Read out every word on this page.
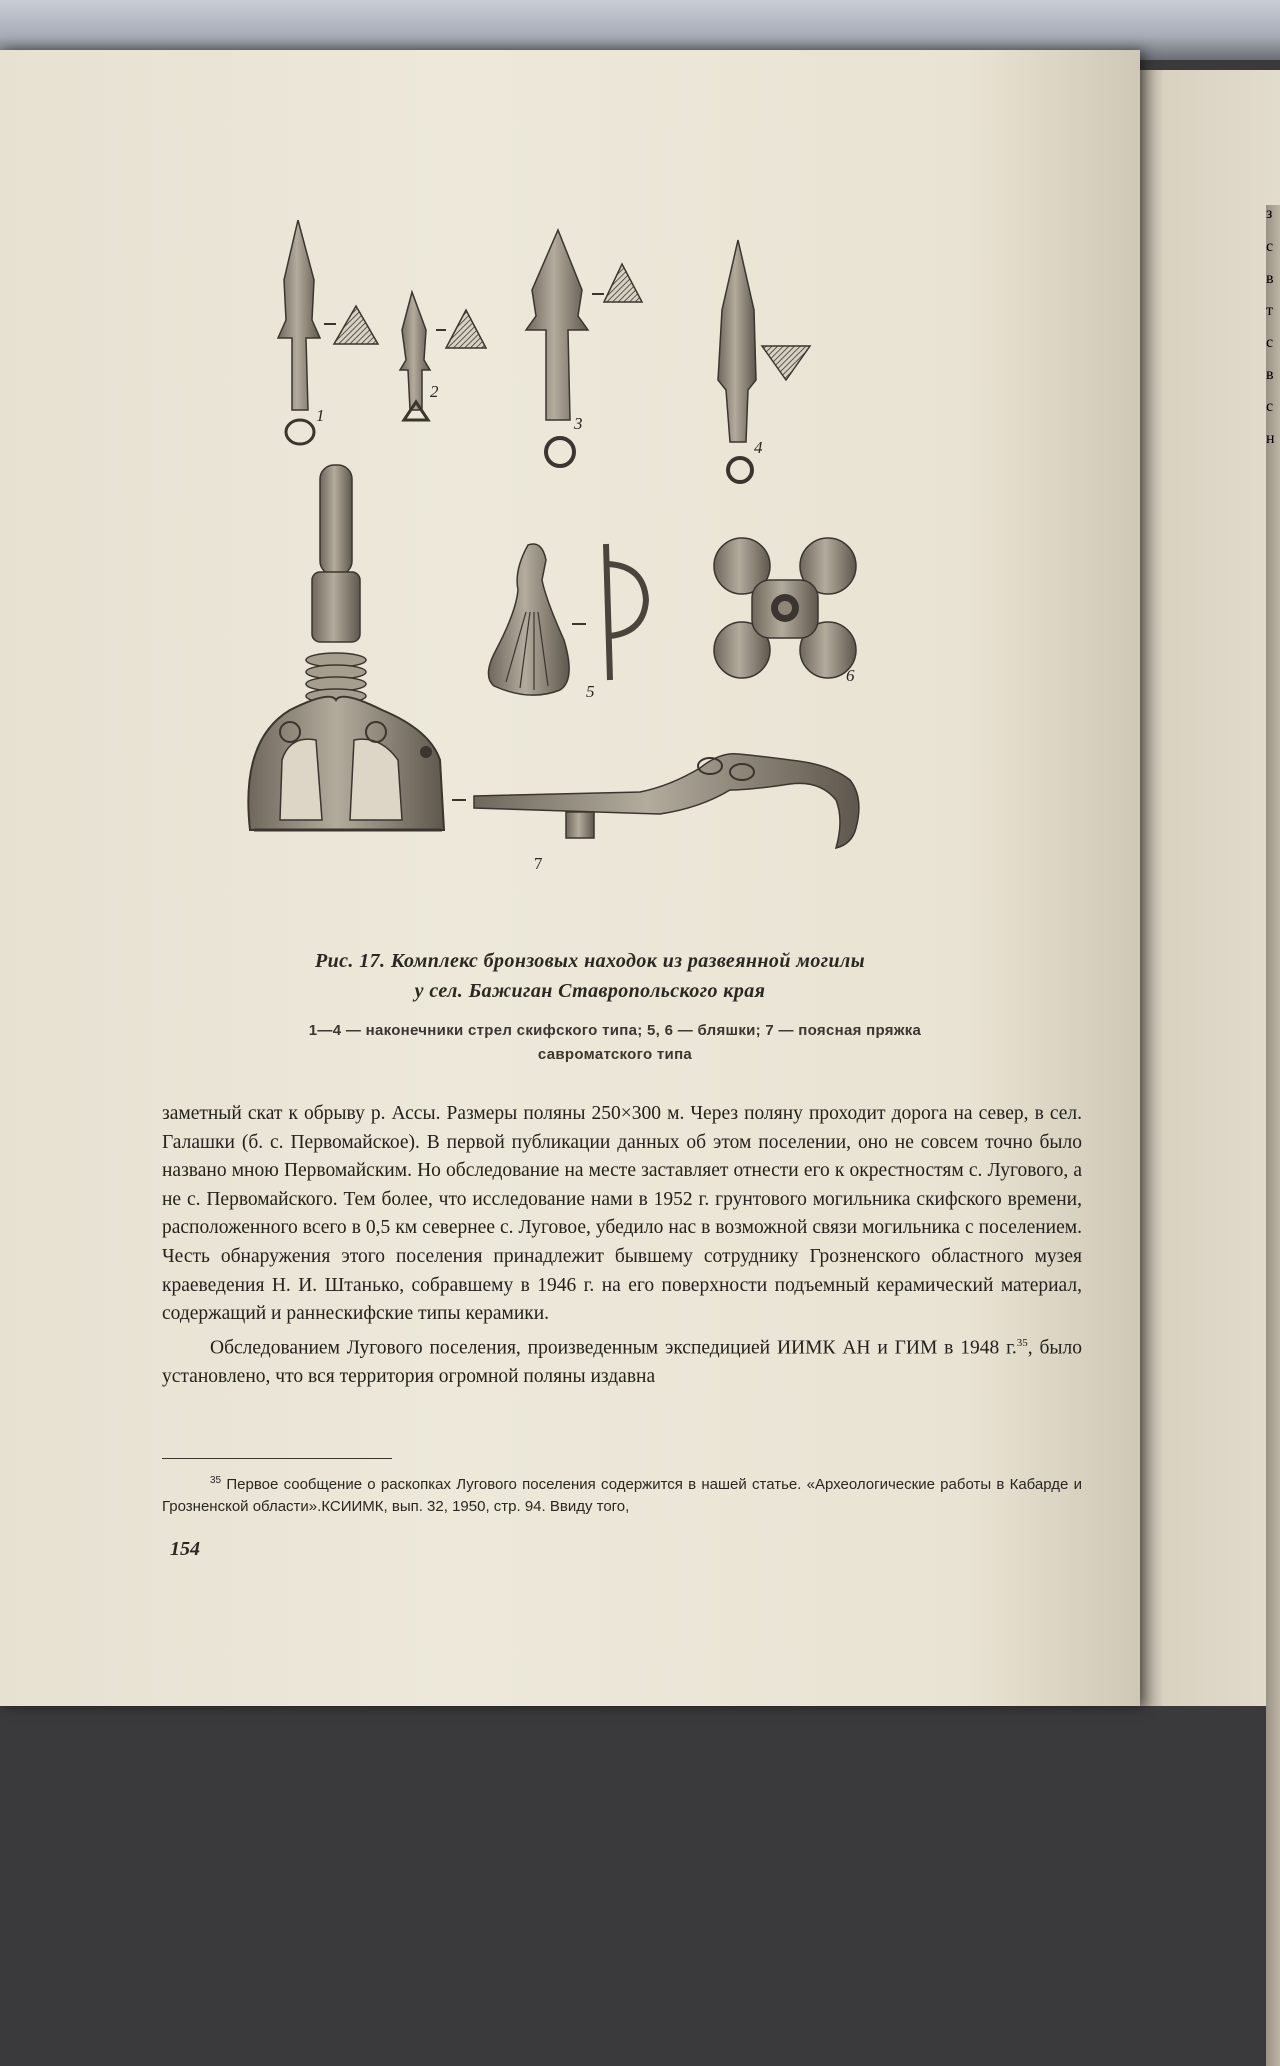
з
с
в
т
с
в
с
н
1
2
3
4
5
6
7
Рис. 17. Комплекс бронзовых находок из развеянной могилы
у сел. Бажиган Ставропольского края
1—4 — наконечники стрел скифского типа; 5, 6 — бляшки; 7 — поясная пряжка
савроматского типа

заметный скат к обрыву р. Ассы. Размеры поляны 250×300 м. Через поляну проходит дорога на север, в сел. Галашки (б. с. Первомайское). В первой публикации данных об этом поселении, оно не совсем точно было названо мною Первомайским. Но обследование на месте заставляет отнести его к окрестностям с. Лугового, а не с. Первомайского. Тем более, что исследование нами в 1952 г. грунтового могильника скифского времени, расположенного всего в 0,5 км севернее с. Луговое, убедило нас в возможной связи могильника с поселением. Честь обнаружения этого поселения принадлежит бывшему сотруднику Грозненского областного музея краеведения Н. И. Штанько, собравшему в 1946 г. на его поверхности подъемный керамический материал, содержащий и раннескифские типы керамики.

Обследованием Лугового поселения, произведенным экспедицией ИИМК АН и ГИМ в 1948 г.$^{35}$, было установлено, что вся территория огромной поляны издавна

$^{35}$ Первое сообщение о раскопках Лугового поселения содержится в нашей статье. «Археологические работы в Кабарде и Грозненской области».КСИИМК, вып. 32, 1950, стр. 94. Ввиду того,

154
